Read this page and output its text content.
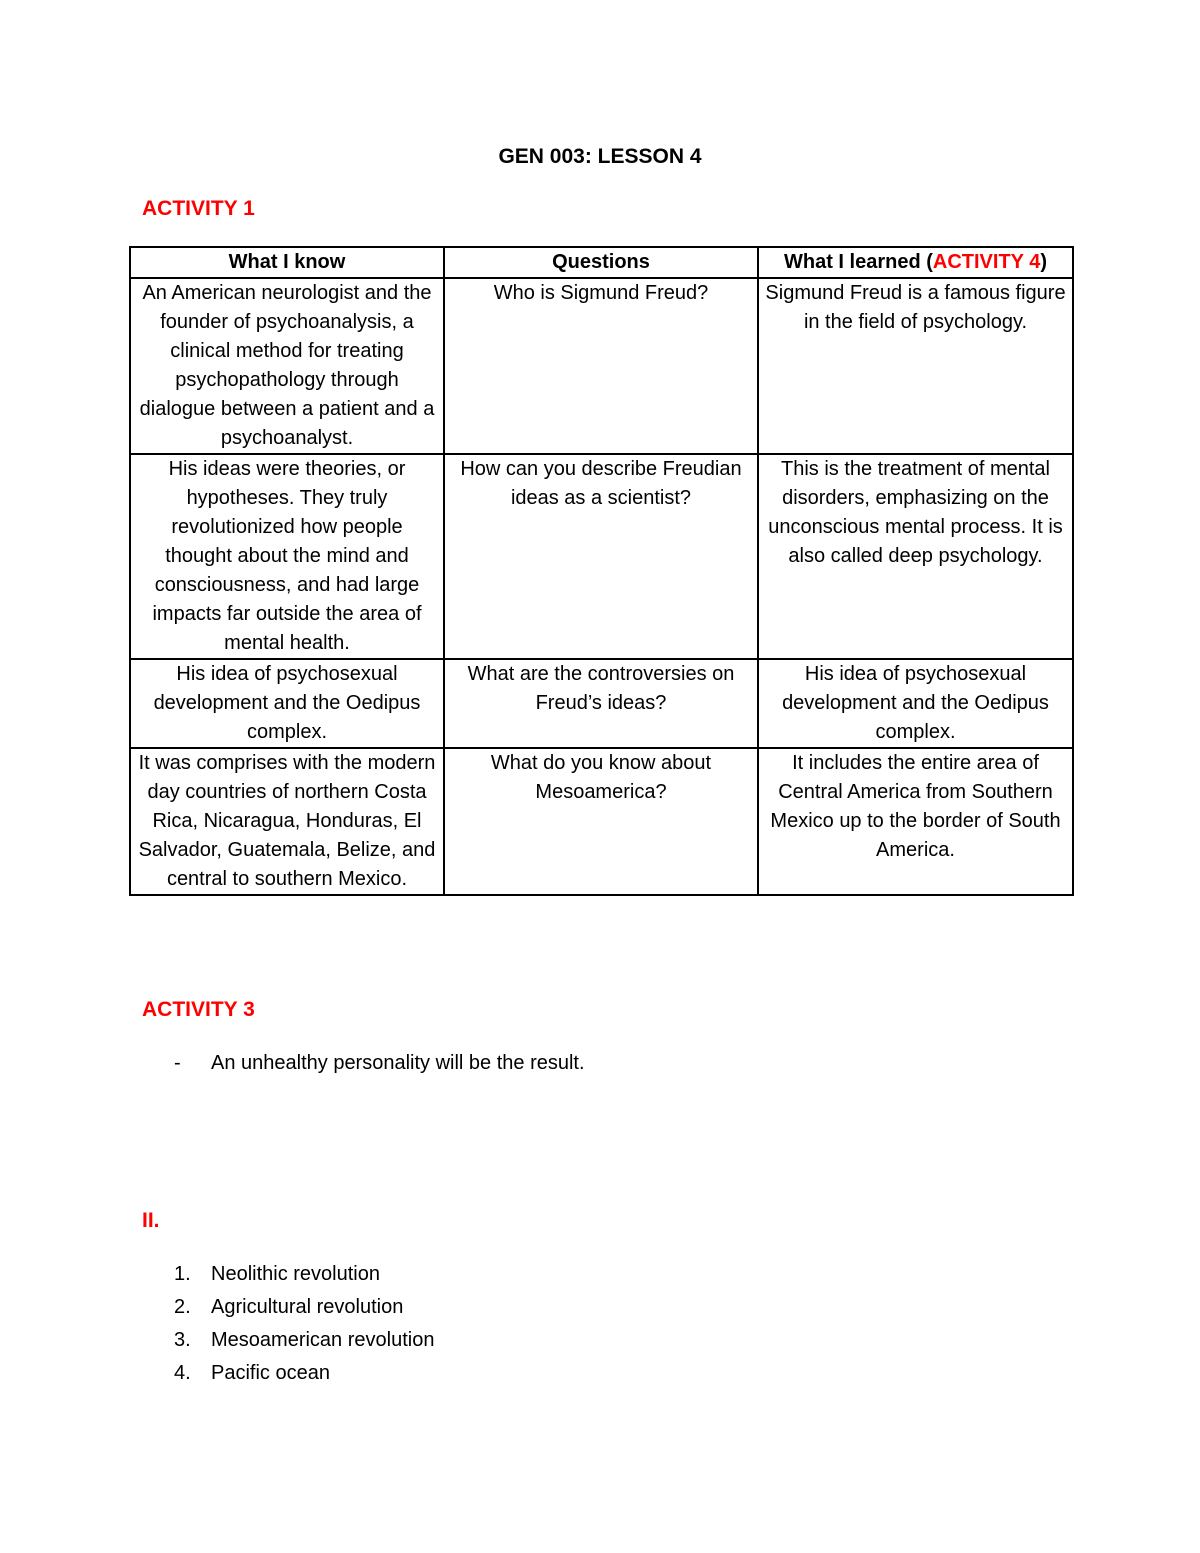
GEN 003: LESSON 4
ACTIVITY 1
What I know	Questions	What I learned (ACTIVITY 4)
An American neurologist and the founder of psychoanalysis, a clinical method for treating psychopathology through dialogue between a patient and a psychoanalyst.	Who is Sigmund Freud?	Sigmund Freud is a famous figure in the field of psychology.
His ideas were theories, or hypotheses. They truly revolutionized how people thought about the mind and consciousness, and had large impacts far outside the area of mental health.	How can you describe Freudian ideas as a scientist?	This is the treatment of mental disorders, emphasizing on the unconscious mental process. It is also called deep psychology.
His idea of psychosexual development and the Oedipus complex.	What are the controversies on Freud’s ideas?	His idea of psychosexual development and the Oedipus complex.
It was comprises with the modern day countries of northern Costa Rica, Nicaragua, Honduras, El Salvador, Guatemala, Belize, and central to southern Mexico.	What do you know about Mesoamerica?	It includes the entire area of Central America from Southern Mexico up to the border of South America.
ACTIVITY 3
- An unhealthy personality will be the result.
II.
1. Neolithic revolution
2. Agricultural revolution
3. Mesoamerican revolution
4. Pacific ocean
